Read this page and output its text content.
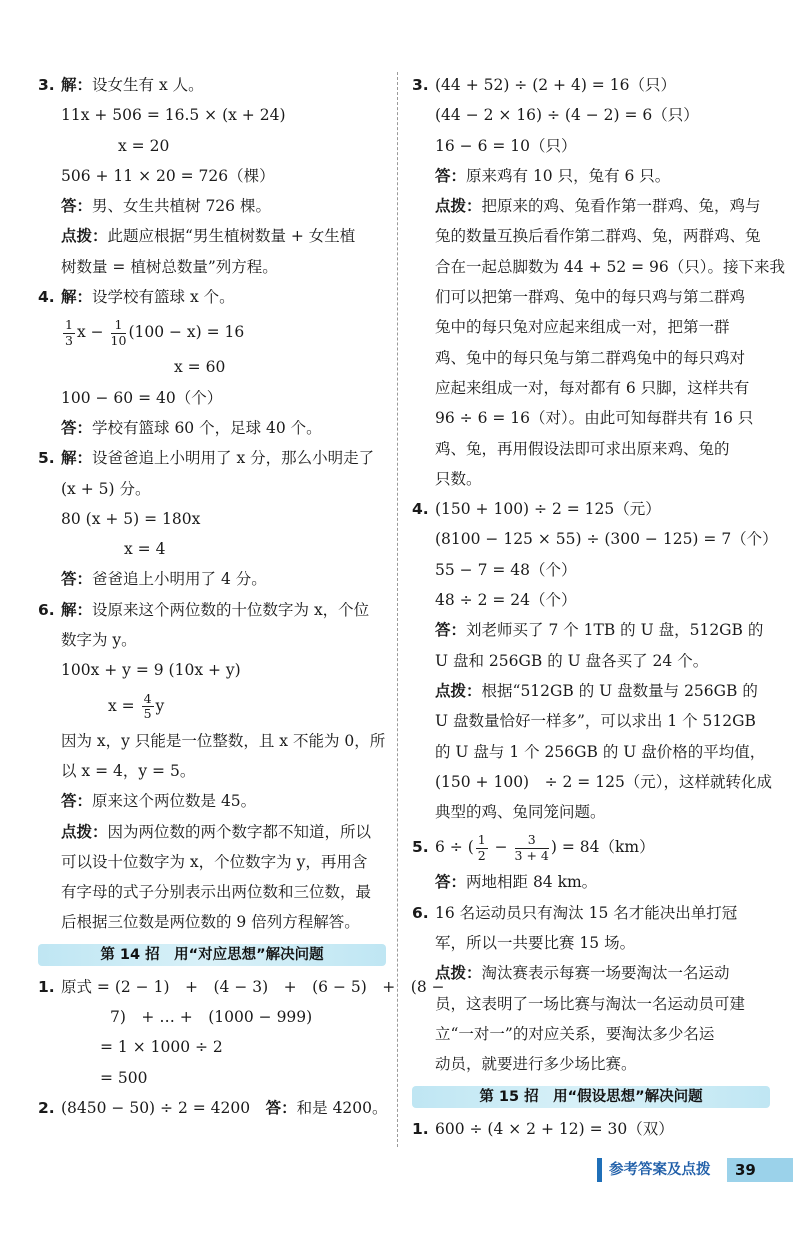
3. 解：设女生有 x 人。
11x + 506 = 16.5 × (x + 24)
x = 20
506 + 11 × 20 = 726（棵）
答：男、女生共植树 726 棵。
点拨：此题应根据“男生植树数量 + 女生植
树数量 = 植树总数量”列方程。
4. 解：设学校有篮球 x 个。
$\frac{1}{3}$ $x - \frac{1}{10} (100 - x) = 16$
x = 60
100 − 60 = 40（个）
答：学校有篮球 60 个，足球 40 个。
5. 解：设爸爸追上小明用了 x 分，那么小明走了
(x + 5) 分。
80 (x + 5) = 180x
x = 4
答：爸爸追上小明用了 4 分。
6. 解：设原来这个两位数的十位数字为 x，个位
数字为 y。
100x + y = 9 (10x + y)
$x = \frac{4}{5}$ y
因为 x，y 只能是一位整数，且 x 不能为 0，所
以 x = 4，y = 5。
答：原来这个两位数是 45。
点拨：因为两位数的两个数字都不知道，所以
可以设十位数字为 x，个位数字为 y，再用含
有字母的式子分别表示出两位数和三位数，最
后根据三位数是两位数的 9 倍列方程解答。
第 14 招　用“对应思想”解决问题
1. 原式 = (2 − 1)　+　(4 − 3)　+　(6 − 5)　+　(8 −
7)　+ … +　(1000 − 999)
= 1 × 1000 ÷ 2
= 500
2. (8450 − 50) ÷ 2 = 4200　 答：和是 4200。
3. (44 + 52) ÷ (2 + 4) = 16（只）
(44 − 2 × 16) ÷ (4 − 2) = 6（只）
16 − 6 = 10（只）
答：原来鸡有 10 只，兔有 6 只。
点拨：把原来的鸡、兔看作第一群鸡、兔，鸡与
兔的数量互换后看作第二群鸡、兔，两群鸡、兔
合在一起总脚数为 44 + 52 = 96（只）。接下来我
们可以把第一群鸡、兔中的每只鸡与第二群鸡
兔中的每只兔对应起来组成一对，把第一群
鸡、兔中的每只兔与第二群鸡兔中的每只鸡对
应起来组成一对，每对都有 6 只脚，这样共有
96 ÷ 6 = 16（对）。由此可知每群共有 16 只
鸡、兔，再用假设法即可求出原来鸡、兔的
只数。
4. (150 + 100) ÷ 2 = 125（元）
(8100 − 125 × 55) ÷ (300 − 125) = 7（个）
55 − 7 = 48（个）
48 ÷ 2 = 24（个）
答：刘老师买了 7 个 1TB 的 U 盘，512GB 的
U 盘和 256GB 的 U 盘各买了 24 个。
点拨：根据“512GB 的 U 盘数量与 256GB 的
U 盘数量恰好一样多”，可以求出 1 个 512GB
的 U 盘与 1 个 256GB 的 U 盘价格的平均值，
(150 + 100)　÷ 2 = 125（元），这样就转化成
典型的鸡、兔同笼问题。
5. 6 ÷ ( $\frac{1}{2} - \frac{3}{3 + 4}$ ) = 84（km）
答：两地相距 84 km。
6. 16 名运动员只有淘汰 15 名才能决出单打冠
军，所以一共要比赛 15 场。
点拨：淘汰赛表示每赛一场要淘汰一名运动
员，这表明了一场比赛与淘汰一名运动员可建
立“一对一”的对应关系，要淘汰多少名运
动员，就要进行多少场比赛。
第 15 招　用“假设思想”解决问题
1. 600 ÷ (4 × 2 + 12) = 30（双）
参考答案及点拨	39
